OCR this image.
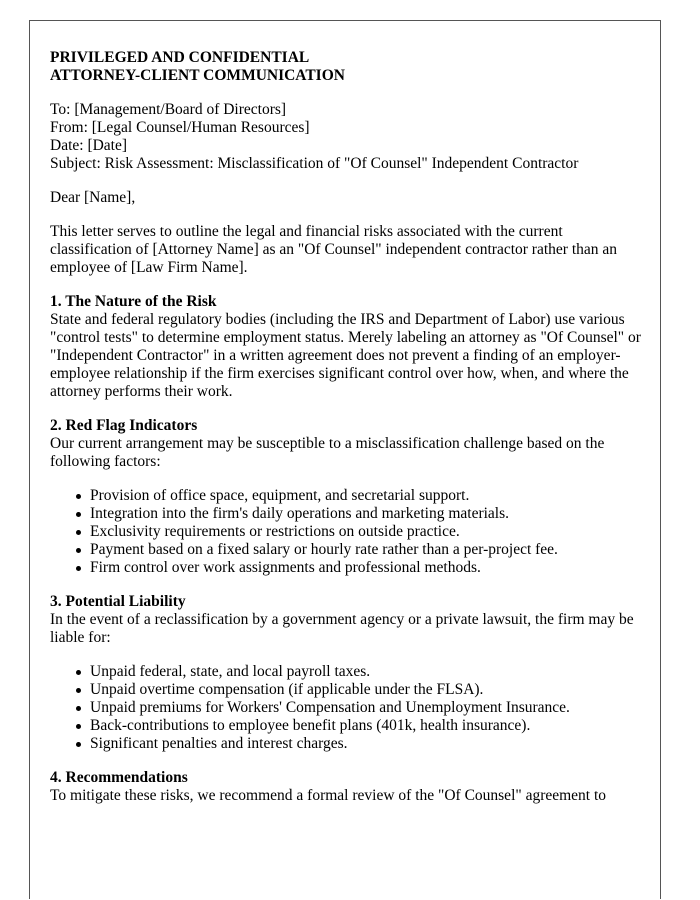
PRIVILEGED AND CONFIDENTIAL

ATTORNEY-CLIENT COMMUNICATION

To: [Management/Board of Directors]

From: [Legal Counsel/Human Resources]

Date: [Date]

Subject: Risk Assessment: Misclassification of "Of Counsel" Independent Contractor

Dear [Name],

This letter serves to outline the legal and financial risks associated with the current classification of [Attorney Name] as an "Of Counsel" independent contractor rather than an employee of [Law Firm Name].

1. The Nature of the Risk

State and federal regulatory bodies (including the IRS and Department of Labor) use various "control tests" to determine employment status. Merely labeling an attorney as "Of Counsel" or "Independent Contractor" in a written agreement does not prevent a finding of an employer-employee relationship if the firm exercises significant control over how, when, and where the attorney performs their work.

2. Red Flag Indicators

Our current arrangement may be susceptible to a misclassification challenge based on the following factors:

Provision of office space, equipment, and secretarial support.
Integration into the firm's daily operations and marketing materials.
Exclusivity requirements or restrictions on outside practice.
Payment based on a fixed salary or hourly rate rather than a per-project fee.
Firm control over work assignments and professional methods.

3. Potential Liability

In the event of a reclassification by a government agency or a private lawsuit, the firm may be liable for:

Unpaid federal, state, and local payroll taxes.
Unpaid overtime compensation (if applicable under the FLSA).
Unpaid premiums for Workers' Compensation and Unemployment Insurance.
Back-contributions to employee benefit plans (401k, health insurance).
Significant penalties and interest charges.

4. Recommendations

To mitigate these risks, we recommend a formal review of the "Of Counsel" agreement to
